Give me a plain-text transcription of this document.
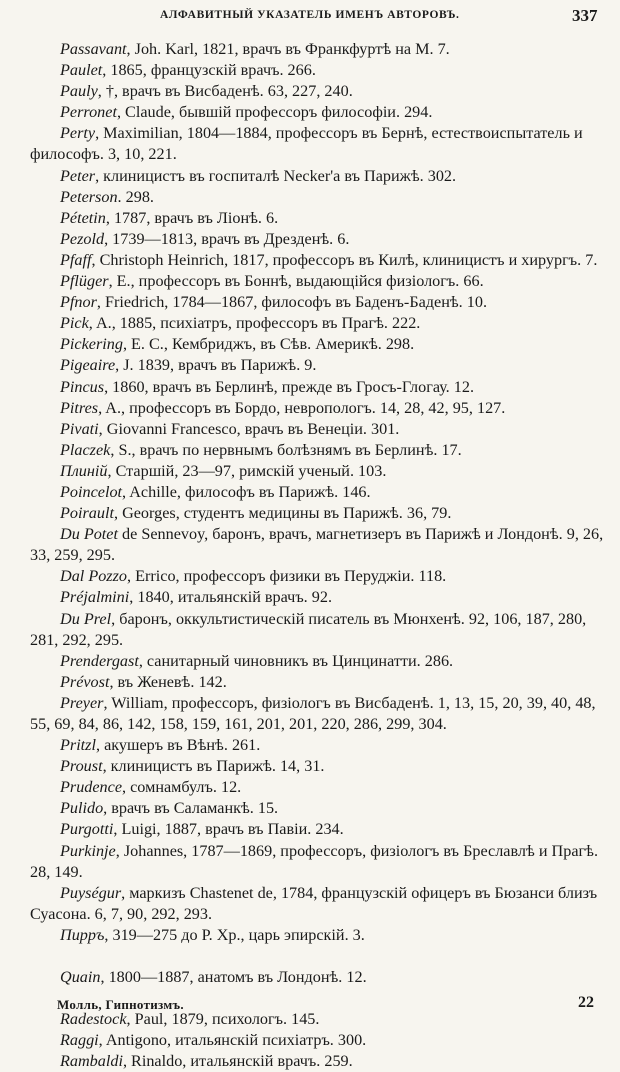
АЛФАВИТНЫЙ УКАЗАТЕЛЬ ИМЕНЪ АВТОРОВЪ.	337

Passavant, Joh. Karl, 1821, врачъ въ Франкфуртѣ на М. 7.

Paulet, 1865, французскій врачъ. 266.

Pauly, †, врачъ въ Висбаденѣ. 63, 227, 240.

Perronet, Claude, бывшій профессоръ философіи. 294.

Perty, Maximilian, 1804—1884, профессоръ въ Бернѣ, естествоиспытатель и философъ. 3, 10, 221.

Peter, клиницистъ въ госпиталѣ Necker'a въ Парижѣ. 302.

Peterson. 298.

Pétetin, 1787, врачъ въ Ліонѣ. 6.

Pezold, 1739—1813, врачъ въ Дрезденѣ. 6.

Pfaff, Christoph Heinrich, 1817, профессоръ въ Килѣ, клиницистъ и хирургъ. 7.

Pflüger, E., профессоръ въ Боннѣ, выдающійся физіологъ. 66.

Pfnor, Friedrich, 1784—1867, философъ въ Баденъ-Баденѣ. 10.

Pick, A., 1885, психіатръ, профессоръ въ Прагѣ. 222.

Pickering, E. C., Кембриджъ, въ Сѣв. Америкѣ. 298.

Pigeaire, J. 1839, врачъ въ Парижѣ. 9.

Pincus, 1860, врачъ въ Берлинѣ, прежде въ Гросъ-Глогау. 12.

Pitres, A., профессоръ въ Бордо, невропологъ. 14, 28, 42, 95, 127.

Pivati, Giovanni Francesco, врачъ въ Венеціи. 301.

Placzek, S., врачъ по нервнымъ болѣзнямъ въ Берлинѣ. 17.

Плиній, Старшій, 23—97, римскій ученый. 103.

Poincelot, Achille, философъ въ Парижѣ. 146.

Poirault, Georges, студентъ медицины въ Парижѣ. 36, 79.

Du Potet de Sennevoy, баронъ, врачъ, магнетизеръ въ Парижѣ и Лондонѣ. 9, 26, 33, 259, 295.

Dal Pozzo, Errico, профессоръ физики въ Перуджіи. 118.

Préjalmini, 1840, итальянскій врачъ. 92.

Du Prel, баронъ, оккультистическій писатель въ Мюнхенѣ. 92, 106, 187, 280, 281, 292, 295.

Prendergast, санитарный чиновникъ въ Цинцинатти. 286.

Prévost, въ Женевѣ. 142.

Preyer, William, профессоръ, физіологъ въ Висбаденѣ. 1, 13, 15, 20, 39, 40, 48, 55, 69, 84, 86, 142, 158, 159, 161, 201, 201, 220, 286, 299, 304.

Pritzl, акушеръ въ Вѣнѣ. 261.

Proust, клиницистъ въ Парижѣ. 14, 31.

Prudence, сомнамбулъ. 12.

Pulido, врачъ въ Саламанкѣ. 15.

Purgotti, Luigi, 1887, врачъ въ Павіи. 234.

Purkinje, Johannes, 1787—1869, профессоръ, физіологъ въ Бреславлѣ и Прагѣ. 28, 149.

Puységur, маркизъ Chastenet de, 1784, французскій офицеръ въ Бюзанси близъ Суасона. 6, 7, 90, 292, 293.

Пирръ, 319—275 до Р. Хр., царь эпирскій. 3.

Quain, 1800—1887, анатомъ въ Лондонѣ. 12.

Radestock, Paul, 1879, психологъ. 145.

Raggi, Antigono, итальянскій психіатръ. 300.

Rambaldi, Rinaldo, итальянскій врачъ. 259.

Молль, Гипнотизмъ.	22
